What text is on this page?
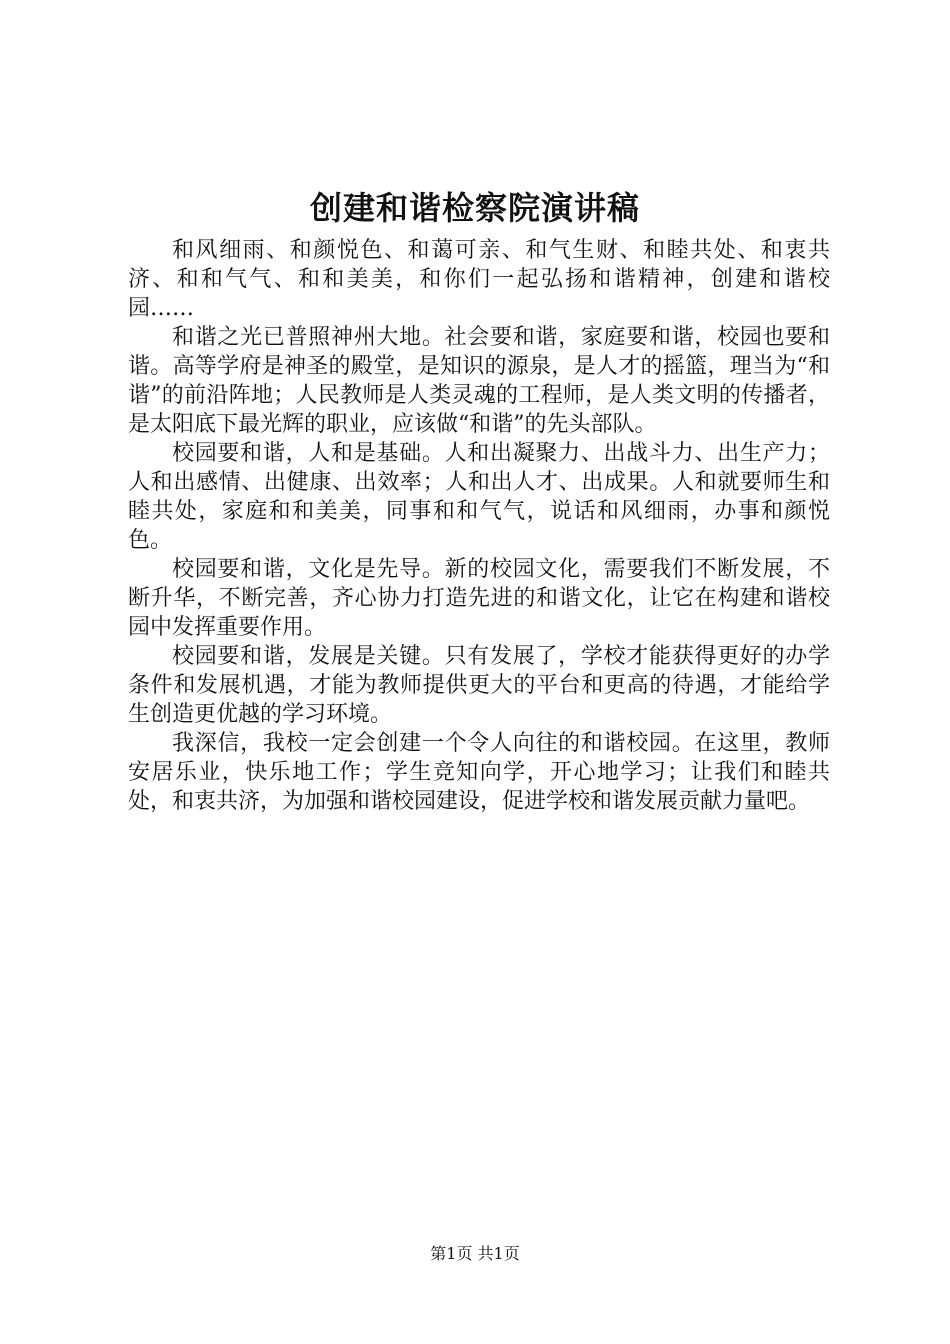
创建和谐检察院演讲稿

和风细雨、和颜悦色、和蔼可亲、和气生财、和睦共处、和衷共济、和和气气、和和美美，和你们一起弘扬和谐精神，创建和谐校园……

和谐之光已普照神州大地。社会要和谐，家庭要和谐，校园也要和谐。高等学府是神圣的殿堂，是知识的源泉，是人才的摇篮，理当为“和谐”的前沿阵地；人民教师是人类灵魂的工程师，是人类文明的传播者，是太阳底下最光辉的职业，应该做“和谐”的先头部队。

校园要和谐，人和是基础。人和出凝聚力、出战斗力、出生产力；人和出感情、出健康、出效率；人和出人才、出成果。人和就要师生和睦共处，家庭和和美美，同事和和气气，说话和风细雨，办事和颜悦色。

校园要和谐，文化是先导。新的校园文化，需要我们不断发展，不断升华，不断完善，齐心协力打造先进的和谐文化，让它在构建和谐校园中发挥重要作用。

校园要和谐，发展是关键。只有发展了，学校才能获得更好的办学条件和发展机遇，才能为教师提供更大的平台和更高的待遇，才能给学生创造更优越的学习环境。

我深信，我校一定会创建一个令人向往的和谐校园。在这里，教师安居乐业，快乐地工作；学生竞知向学，开心地学习；让我们和睦共处，和衷共济，为加强和谐校园建设，促进学校和谐发展贡献力量吧。

第1页 共1页
